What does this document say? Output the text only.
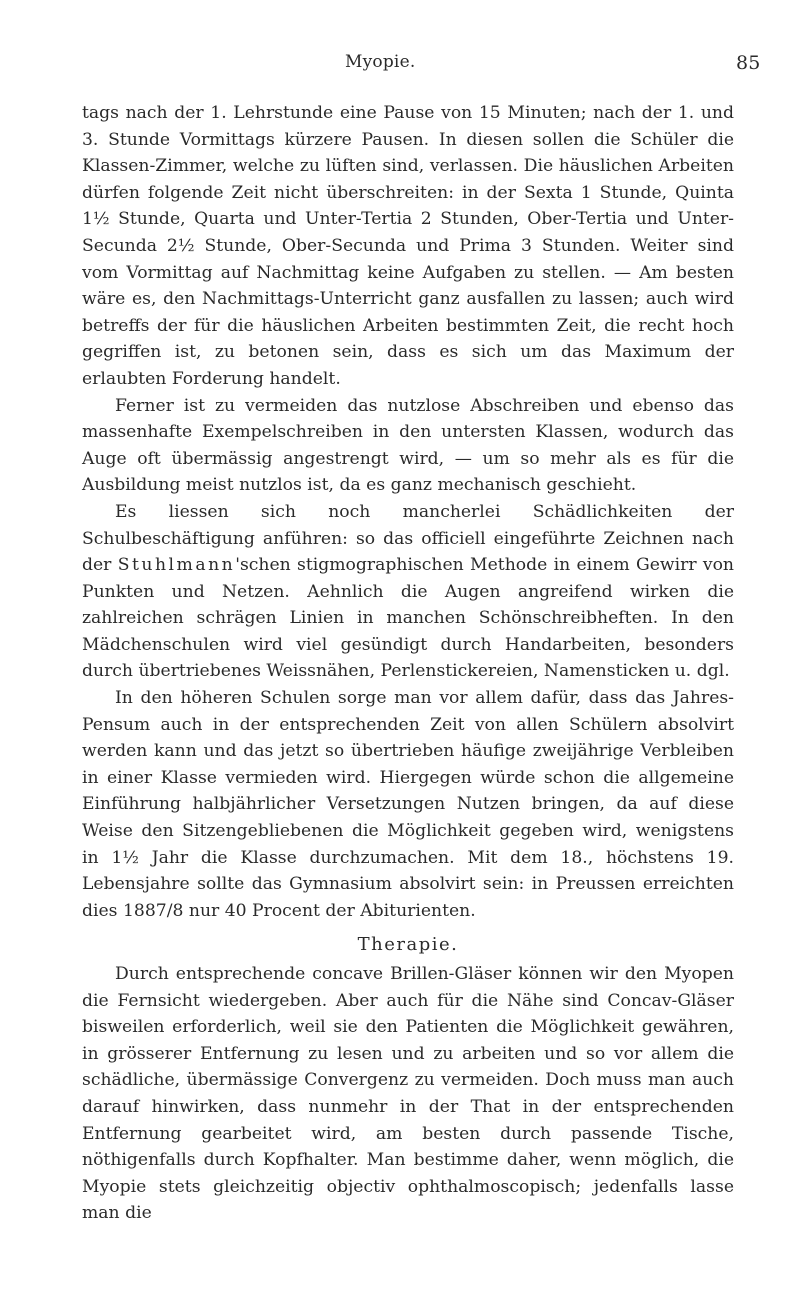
Myopie.	85

tags nach der 1. Lehrstunde eine Pause von 15 Minuten; nach der 1. und 3. Stunde Vormittags kürzere Pausen. In diesen sollen die Schüler die Klassen-Zimmer, welche zu lüften sind, verlassen. Die häuslichen Arbeiten dürfen folgende Zeit nicht überschreiten: in der Sexta 1 Stunde, Quinta 1½ Stunde, Quarta und Unter-Tertia 2 Stunden, Ober-Tertia und Unter-Secunda 2½ Stunde, Ober-Secunda und Prima 3 Stunden. Weiter sind vom Vormittag auf Nachmittag keine Aufgaben zu stellen. — Am besten wäre es, den Nachmittags-Unterricht ganz ausfallen zu lassen; auch wird betreffs der für die häuslichen Arbeiten bestimmten Zeit, die recht hoch gegriffen ist, zu betonen sein, dass es sich um das Maximum der erlaubten Forderung handelt.

Ferner ist zu vermeiden das nutzlose Abschreiben und ebenso das massenhafte Exempelschreiben in den untersten Klassen, wodurch das Auge oft übermässig angestrengt wird, — um so mehr als es für die Ausbildung meist nutzlos ist, da es ganz mechanisch geschieht.

Es liessen sich noch mancherlei Schädlichkeiten der Schulbeschäftigung anführen: so das officiell eingeführte Zeichnen nach der Stuhlmann'schen stigmographischen Methode in einem Gewirr von Punkten und Netzen. Aehnlich die Augen angreifend wirken die zahlreichen schrägen Linien in manchen Schönschreibheften. In den Mädchenschulen wird viel gesündigt durch Handarbeiten, besonders durch übertriebenes Weissnähen, Perlenstickereien, Namensticken u. dgl.

In den höheren Schulen sorge man vor allem dafür, dass das Jahres-Pensum auch in der entsprechenden Zeit von allen Schülern absolvirt werden kann und das jetzt so übertrieben häufige zweijährige Verbleiben in einer Klasse vermieden wird. Hiergegen würde schon die allgemeine Einführung halbjährlicher Versetzungen Nutzen bringen, da auf diese Weise den Sitzengebliebenen die Möglichkeit gegeben wird, wenigstens in 1½ Jahr die Klasse durchzumachen. Mit dem 18., höchstens 19. Lebensjahre sollte das Gymnasium absolvirt sein: in Preussen erreichten dies 1887/8 nur 40 Procent der Abiturienten.

Therapie.

Durch entsprechende concave Brillen-Gläser können wir den Myopen die Fernsicht wiedergeben. Aber auch für die Nähe sind Concav-Gläser bisweilen erforderlich, weil sie den Patienten die Möglichkeit gewähren, in grösserer Entfernung zu lesen und zu arbeiten und so vor allem die schädliche, übermässige Convergenz zu vermeiden. Doch muss man auch darauf hinwirken, dass nunmehr in der That in der entsprechenden Entfernung gearbeitet wird, am besten durch passende Tische, nöthigenfalls durch Kopfhalter. Man bestimme daher, wenn möglich, die Myopie stets gleichzeitig objectiv ophthalmoscopisch; jedenfalls lasse man die
